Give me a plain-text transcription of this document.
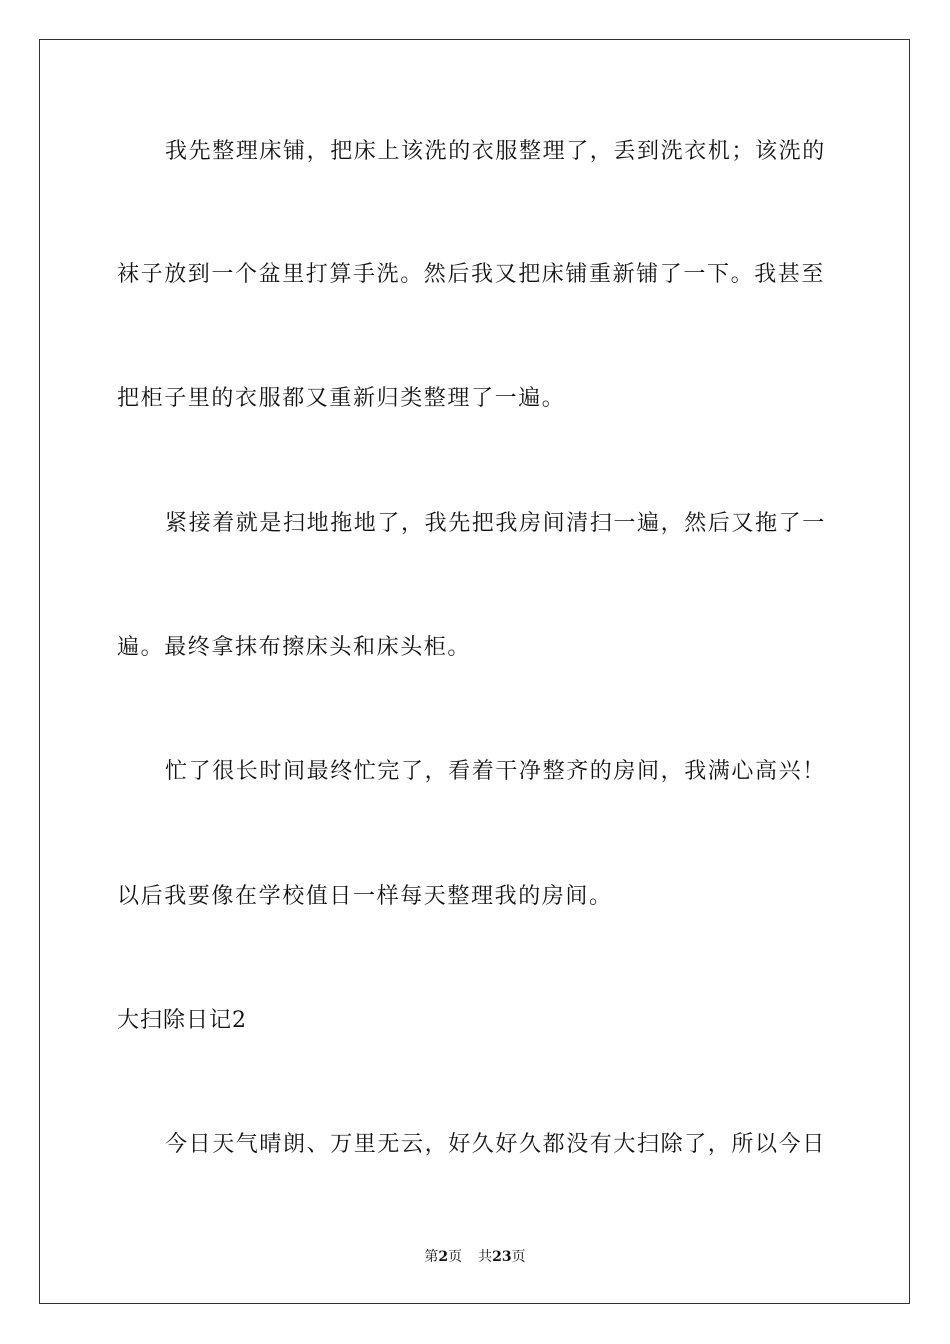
我先整理床铺，把床上该洗的衣服整理了，丢到洗衣机；该洗的
袜子放到一个盆里打算手洗。然后我又把床铺重新铺了一下。我甚至
把柜子里的衣服都又重新归类整理了一遍。
紧接着就是扫地拖地了，我先把我房间清扫一遍，然后又拖了一
遍。最终拿抹布擦床头和床头柜。
忙了很长时间最终忙完了，看着干净整齐的房间，我满心高兴！
以后我要像在学校值日一样每天整理我的房间。
大扫除日记2
今日天气晴朗、万里无云，好久好久都没有大扫除了，所以今日
第2页 共23页
